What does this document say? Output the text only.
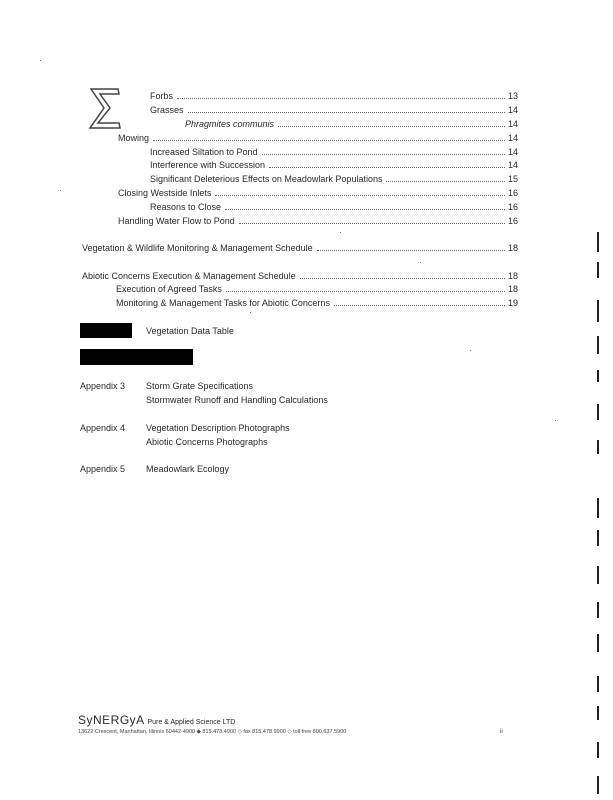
Forbs	13
Grasses	14
Phragmites communis	14
Mowing	14
Increased Siltation to Pond	14
Interference with Succession	14
Significant Deleterious Effects on Meadowlark Populations	15
Closing Westside Inlets	16
Reasons to Close	16
Handling Water Flow to Pond	16
Vegetation & Wildlife Monitoring & Management Schedule	18
Abiotic Concerns Execution & Management Schedule	18
Execution of Agreed Tasks	18
Monitoring & Management Tasks for Abiotic Concerns	19
Vegetation Data Table
Appendix 3 Storm Grate Specifications
Stormwater Runoff and Handling Calculations
Appendix 4 Vegetation Description Photographs
Abiotic Concerns Photographs
Appendix 5 Meadowlark Ecology
SyNERGyA Pure & Applied Science LTD
13622 Crescent, Manhattan, Illinois 60442-4900 ◆ 815.478.4900 ◇ fax 815.478.9900 ◇ toll free 800.637.5900	ii
